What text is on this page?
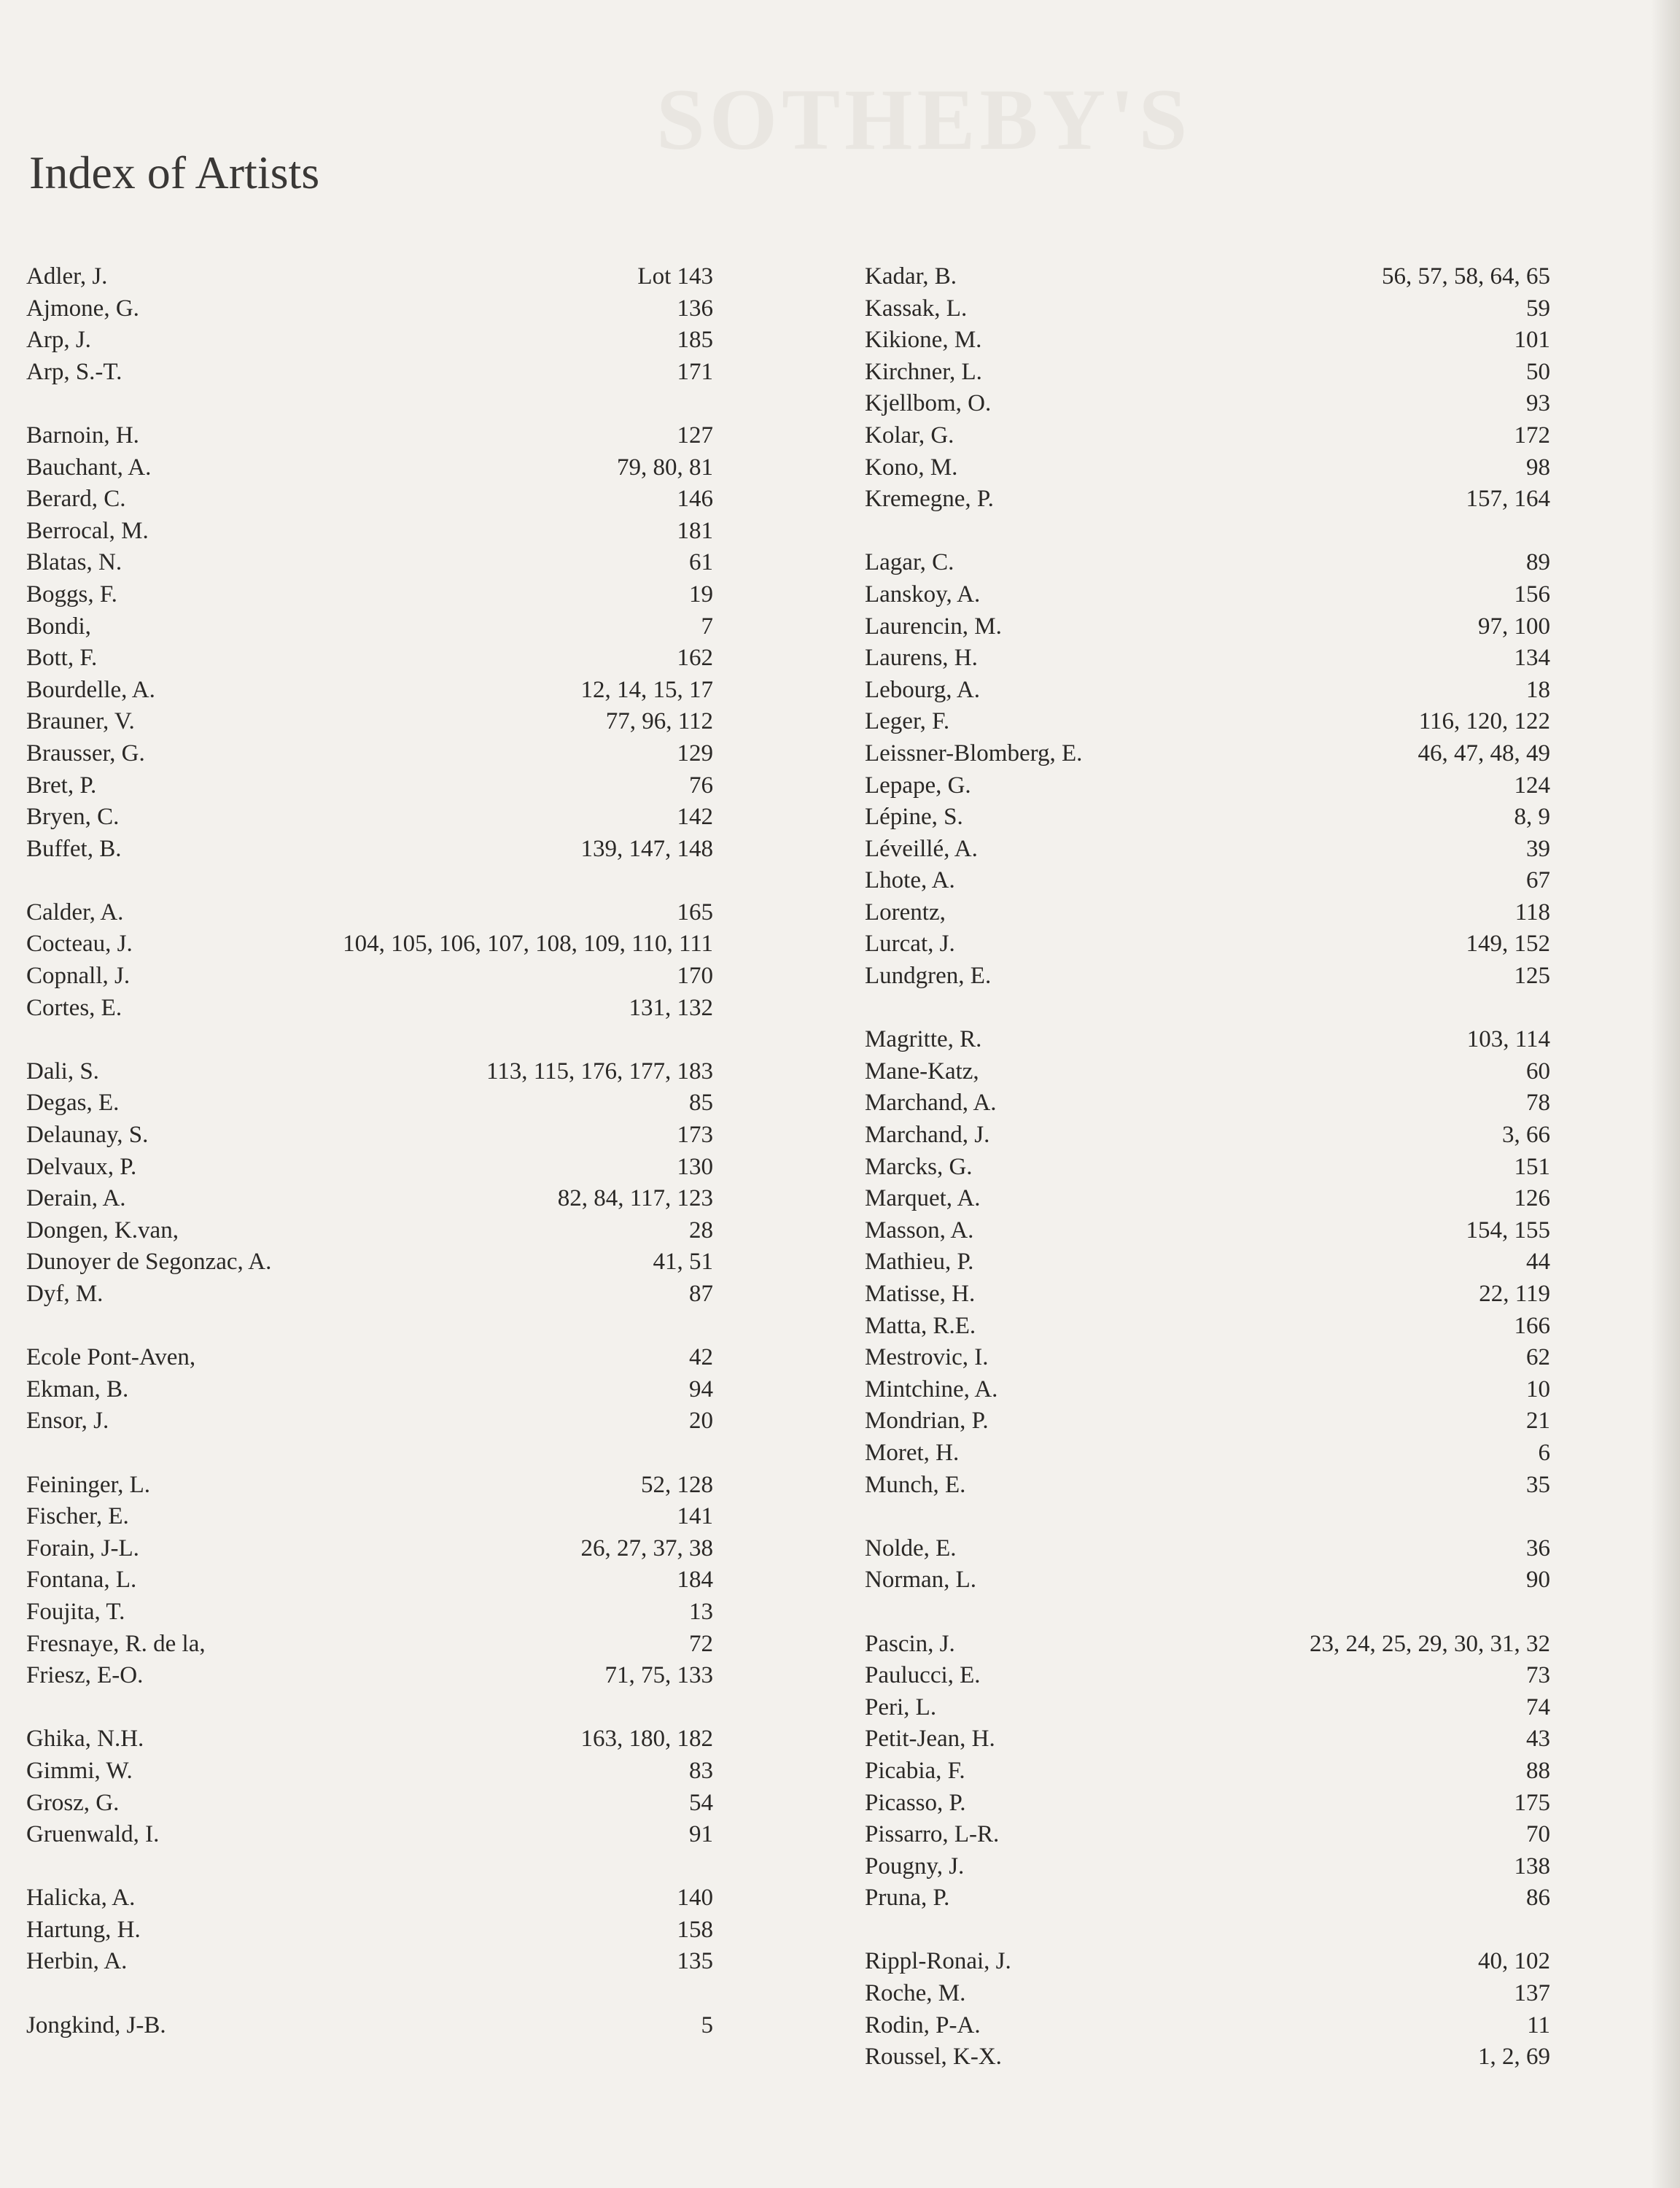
SOTHEBY'S
Index of Artists
Adler, J.	Lot 143
Ajmone, G.	136
Arp, J.	185
Arp, S.-T.	171
Barnoin, H.	127
Bauchant, A.	79, 80, 81
Berard, C.	146
Berrocal, M.	181
Blatas, N.	61
Boggs, F.	19
Bondi,	7
Bott, F.	162
Bourdelle, A.	12, 14, 15, 17
Brauner, V.	77, 96, 112
Brausser, G.	129
Bret, P.	76
Bryen, C.	142
Buffet, B.	139, 147, 148
Calder, A.	165
Cocteau, J.	104, 105, 106, 107, 108, 109, 110, 111
Copnall, J.	170
Cortes, E.	131, 132
Dali, S.	113, 115, 176, 177, 183
Degas, E.	85
Delaunay, S.	173
Delvaux, P.	130
Derain, A.	82, 84, 117, 123
Dongen, K.van,	28
Dunoyer de Segonzac, A.	41, 51
Dyf, M.	87
Ecole Pont-Aven,	42
Ekman, B.	94
Ensor, J.	20
Feininger, L.	52, 128
Fischer, E.	141
Forain, J-L.	26, 27, 37, 38
Fontana, L.	184
Foujita, T.	13
Fresnaye, R. de la,	72
Friesz, E-O.	71, 75, 133
Ghika, N.H.	163, 180, 182
Gimmi, W.	83
Grosz, G.	54
Gruenwald, I.	91
Halicka, A.	140
Hartung, H.	158
Herbin, A.	135
Jongkind, J-B.	5
Kadar, B.	56, 57, 58, 64, 65
Kassak, L.	59
Kikione, M.	101
Kirchner, L.	50
Kjellbom, O.	93
Kolar, G.	172
Kono, M.	98
Kremegne, P.	157, 164
Lagar, C.	89
Lanskoy, A.	156
Laurencin, M.	97, 100
Laurens, H.	134
Lebourg, A.	18
Leger, F.	116, 120, 122
Leissner-Blomberg, E.	46, 47, 48, 49
Lepape, G.	124
Lépine, S.	8, 9
Léveillé, A.	39
Lhote, A.	67
Lorentz,	118
Lurcat, J.	149, 152
Lundgren, E.	125
Magritte, R.	103, 114
Mane-Katz,	60
Marchand, A.	78
Marchand, J.	3, 66
Marcks, G.	151
Marquet, A.	126
Masson, A.	154, 155
Mathieu, P.	44
Matisse, H.	22, 119
Matta, R.E.	166
Mestrovic, I.	62
Mintchine, A.	10
Mondrian, P.	21
Moret, H.	6
Munch, E.	35
Nolde, E.	36
Norman, L.	90
Pascin, J.	23, 24, 25, 29, 30, 31, 32
Paulucci, E.	73
Peri, L.	74
Petit-Jean, H.	43
Picabia, F.	88
Picasso, P.	175
Pissarro, L-R.	70
Pougny, J.	138
Pruna, P.	86
Rippl-Ronai, J.	40, 102
Roche, M.	137
Rodin, P-A.	11
Roussel, K-X.	1, 2, 69
